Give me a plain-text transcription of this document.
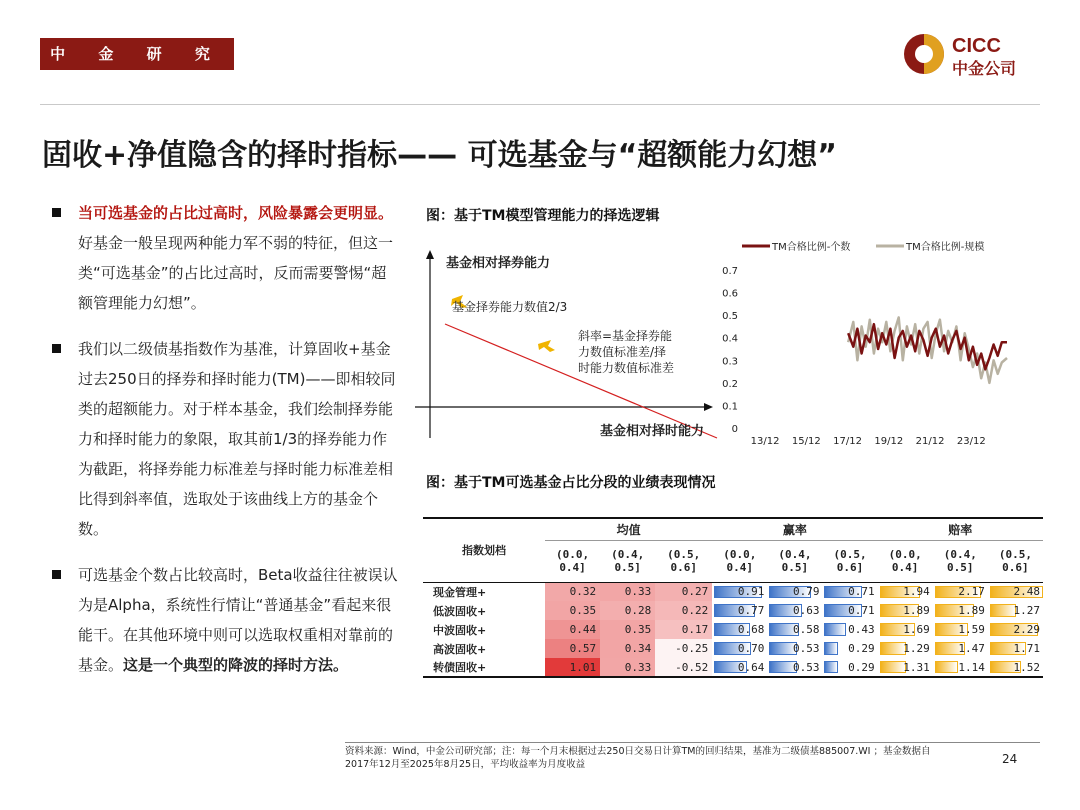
中 金 研 究 部
CICC
中金公司
固收+净值隐含的择时指标—— 可选基金与“超额能力幻想”
当可选基金的占比过高时，风险暴露会更明显。好基金一般呈现两种能力军不弱的特征，但这一类“可选基金”的占比过高时，反而需要警惕“超额管理能力幻想”。
我们以二级债基指数作为基准，计算固收+基金过去250日的择券和择时能力(TM)——即相较同类的超额能力。对于样本基金，我们绘制择券能力和择时能力的象限，取其前1/3的择券能力作为截距，将择券能力标准差与择时能力标准差相比得到斜率值，选取处于该曲线上方的基金个数。
可选基金个数占比较高时，Beta收益往往被误认为是Alpha，系统性行情让“普通基金”看起来很能干。在其他环境中则可以选取权重相对靠前的基金。这是一个典型的降波的择时方法。
图：基于TM模型管理能力的择选逻辑
基金相对择券能力
基金择券能力数值2/3
斜率=基金择券能
力数值标准差/择
时能力数值标准差
基金相对择时能力
TM合格比例-个数	TM合格比例-规模
0
0.1
0.2
0.3
0.4
0.5
0.6
0.7
13/12 15/12 17/12 19/12 21/12 23/12
图：基于TM可选基金占比分段的业绩表现情况
指数划档	均值			赢率			赔率		
	(0.0, 0.4]	(0.4, 0.5]	(0.5, 0.6]	(0.0, 0.4]	(0.4, 0.5]	(0.5, 0.6]	(0.0, 0.4]	(0.4, 0.5]	(0.5, 0.6]
现金管理+	0.32	0.33	0.27	0.91	0.79	0.71	1.94	2.17	2.48
低波固收+	0.35	0.28	0.22	0.77	0.63	0.71	1.89	1.89	1.27
中波固收+	0.44	0.35	0.17	0.68	0.58	0.43	1.69	1.59	2.29
高波固收+	0.57	0.34	-0.25	0.70	0.53	0.29	1.29	1.47	1.71
转债固收+	1.01	0.33	-0.52	0.64	0.53	0.29	1.31	1.14	1.52
资料来源：Wind，中金公司研究部；注：每一个月末根据过去250日交易日计算TM的回归结果，基准为二级债基885007.WI ；基金数据自
2017年12月至2025年8月25日，平均收益率为月度收益	24
